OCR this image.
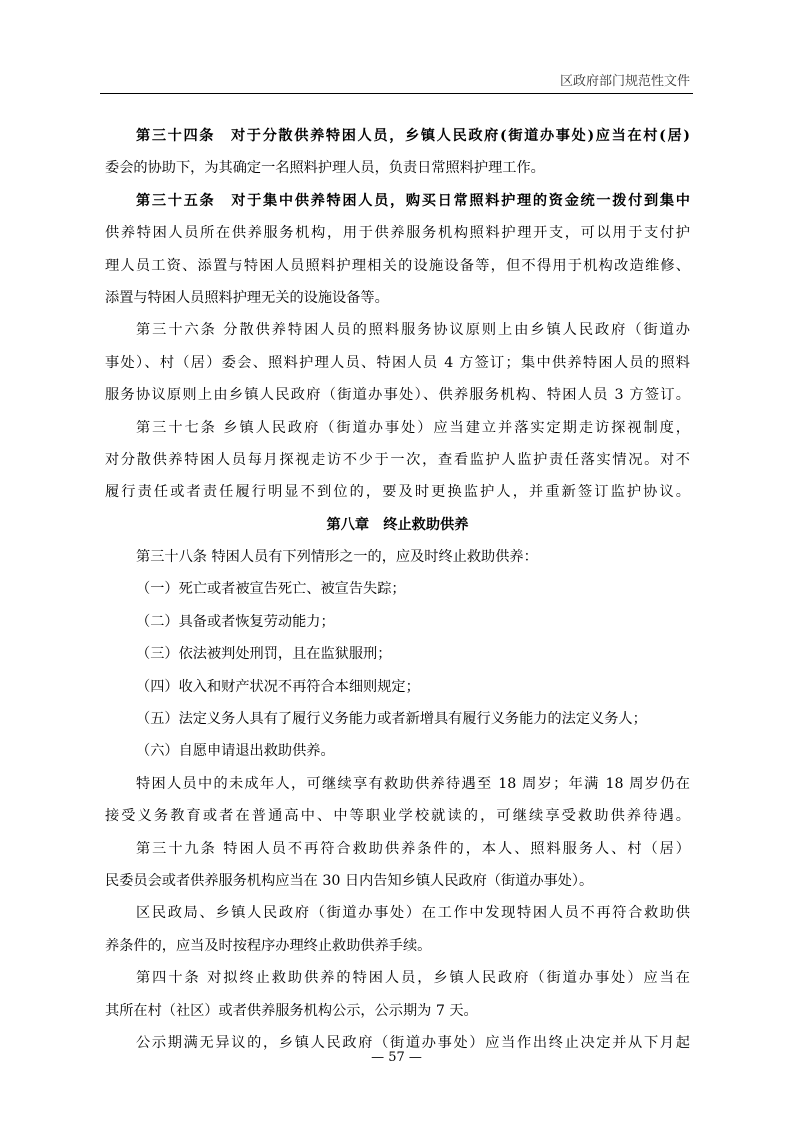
区政府部门规范性文件
第三十四条　对于分散供养特困人员，乡镇人民政府(街道办事处)应当在村(居)
委会的协助下，为其确定一名照料护理人员，负责日常照料护理工作。
第三十五条　对于集中供养特困人员，购买日常照料护理的资金统一拨付到集中
供养特困人员所在供养服务机构，用于供养服务机构照料护理开支，可以用于支付护
理人员工资、添置与特困人员照料护理相关的设施设备等，但不得用于机构改造维修、
添置与特困人员照料护理无关的设施设备等。
第三十六条 分散供养特困人员的照料服务协议原则上由乡镇人民政府（街道办
事处）、村（居）委会、照料护理人员、特困人员 4 方签订；集中供养特困人员的照料
服务协议原则上由乡镇人民政府（街道办事处）、供养服务机构、特困人员 3 方签订。
第三十七条 乡镇人民政府（街道办事处）应当建立并落实定期走访探视制度，
对分散供养特困人员每月探视走访不少于一次，查看监护人监护责任落实情况。对不
履行责任或者责任履行明显不到位的，要及时更换监护人，并重新签订监护协议。
第八章　终止救助供养
第三十八条 特困人员有下列情形之一的，应及时终止救助供养：
（一）死亡或者被宣告死亡、被宣告失踪；
（二）具备或者恢复劳动能力；
（三）依法被判处刑罚，且在监狱服刑；
（四）收入和财产状况不再符合本细则规定；
（五）法定义务人具有了履行义务能力或者新增具有履行义务能力的法定义务人；
（六）自愿申请退出救助供养。
特困人员中的未成年人，可继续享有救助供养待遇至 18 周岁；年满 18 周岁仍在
接受义务教育或者在普通高中、中等职业学校就读的，可继续享受救助供养待遇。
第三十九条 特困人员不再符合救助供养条件的，本人、照料服务人、村（居）
民委员会或者供养服务机构应当在 30 日内告知乡镇人民政府（街道办事处）。
区民政局、乡镇人民政府（街道办事处）在工作中发现特困人员不再符合救助供
养条件的，应当及时按程序办理终止救助供养手续。
第四十条 对拟终止救助供养的特困人员，乡镇人民政府（街道办事处）应当在
其所在村（社区）或者供养服务机构公示，公示期为 7 天。
公示期满无异议的，乡镇人民政府（街道办事处）应当作出终止决定并从下月起
— 57 —
